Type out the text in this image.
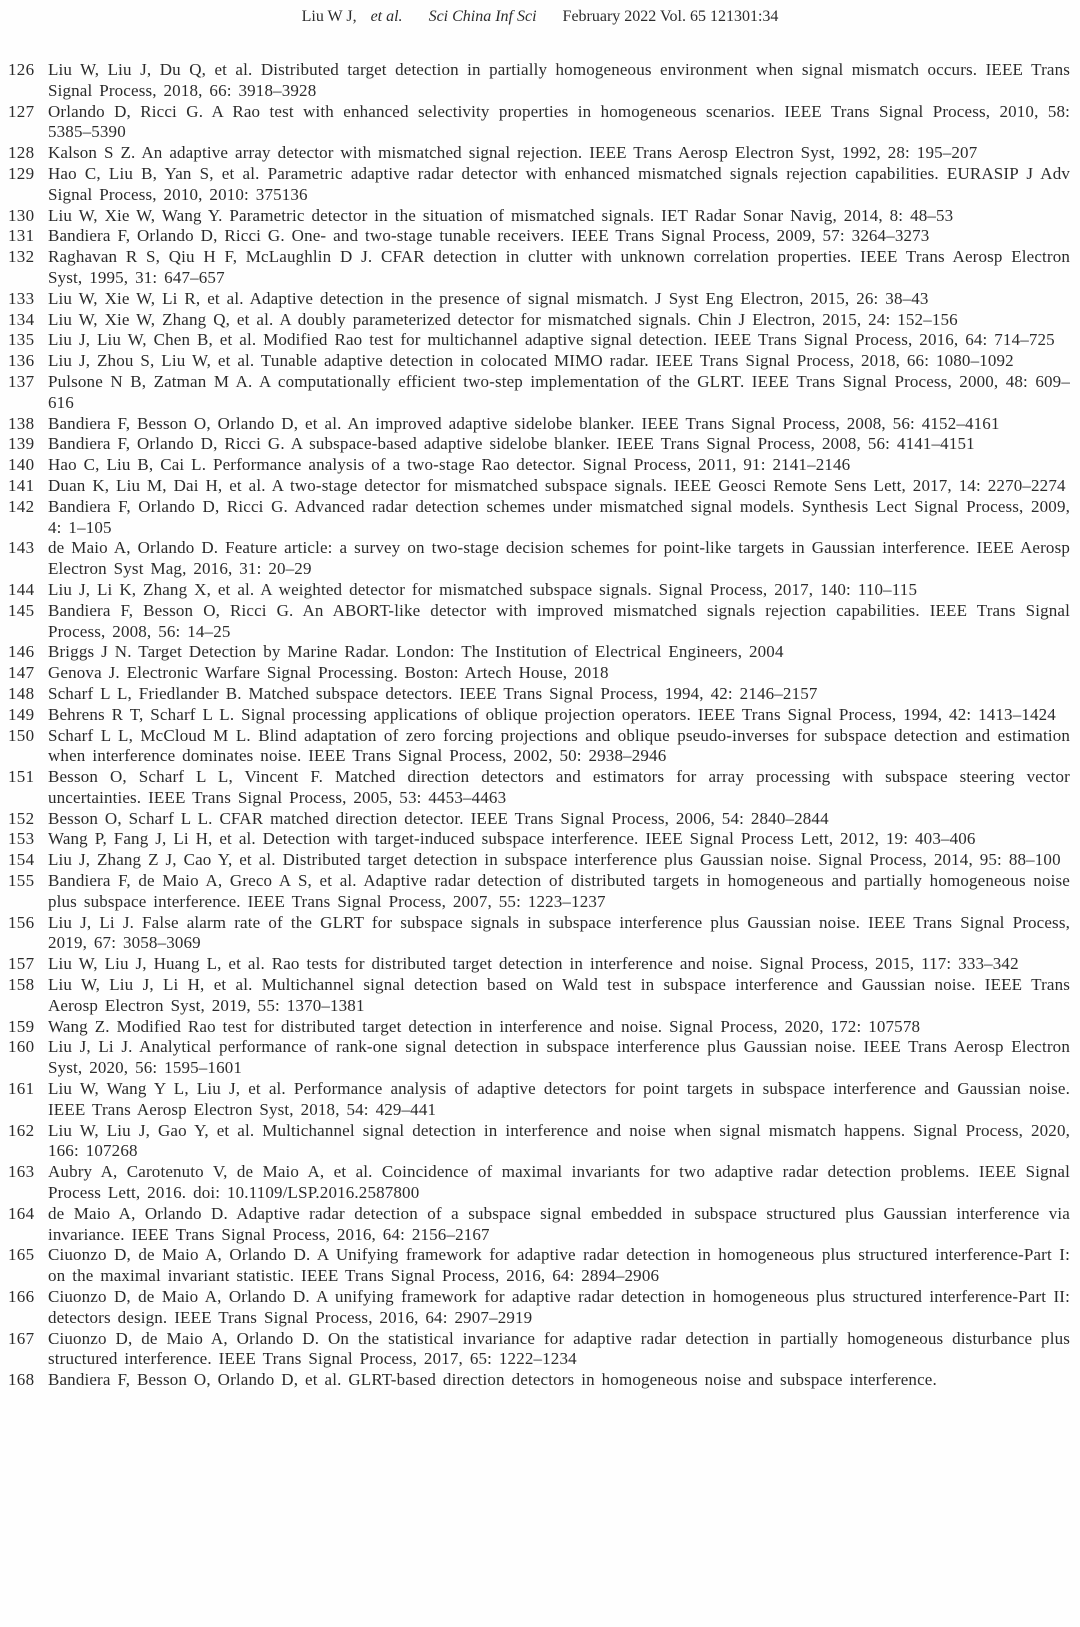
Liu W J, et al. Sci China Inf Sci February 2022 Vol. 65 121301:34
126 Liu W, Liu J, Du Q, et al. Distributed target detection in partially homogeneous environment when signal mismatch occurs. IEEE Trans Signal Process, 2018, 66: 3918–3928
127 Orlando D, Ricci G. A Rao test with enhanced selectivity properties in homogeneous scenarios. IEEE Trans Signal Process, 2010, 58: 5385–5390
128 Kalson S Z. An adaptive array detector with mismatched signal rejection. IEEE Trans Aerosp Electron Syst, 1992, 28: 195–207
129 Hao C, Liu B, Yan S, et al. Parametric adaptive radar detector with enhanced mismatched signals rejection capabilities. EURASIP J Adv Signal Process, 2010, 2010: 375136
130 Liu W, Xie W, Wang Y. Parametric detector in the situation of mismatched signals. IET Radar Sonar Navig, 2014, 8: 48–53
131 Bandiera F, Orlando D, Ricci G. One- and two-stage tunable receivers. IEEE Trans Signal Process, 2009, 57: 3264–3273
132 Raghavan R S, Qiu H F, McLaughlin D J. CFAR detection in clutter with unknown correlation properties. IEEE Trans Aerosp Electron Syst, 1995, 31: 647–657
133 Liu W, Xie W, Li R, et al. Adaptive detection in the presence of signal mismatch. J Syst Eng Electron, 2015, 26: 38–43
134 Liu W, Xie W, Zhang Q, et al. A doubly parameterized detector for mismatched signals. Chin J Electron, 2015, 24: 152–156
135 Liu J, Liu W, Chen B, et al. Modified Rao test for multichannel adaptive signal detection. IEEE Trans Signal Process, 2016, 64: 714–725
136 Liu J, Zhou S, Liu W, et al. Tunable adaptive detection in colocated MIMO radar. IEEE Trans Signal Process, 2018, 66: 1080–1092
137 Pulsone N B, Zatman M A. A computationally efficient two-step implementation of the GLRT. IEEE Trans Signal Process, 2000, 48: 609–616
138 Bandiera F, Besson O, Orlando D, et al. An improved adaptive sidelobe blanker. IEEE Trans Signal Process, 2008, 56: 4152–4161
139 Bandiera F, Orlando D, Ricci G. A subspace-based adaptive sidelobe blanker. IEEE Trans Signal Process, 2008, 56: 4141–4151
140 Hao C, Liu B, Cai L. Performance analysis of a two-stage Rao detector. Signal Process, 2011, 91: 2141–2146
141 Duan K, Liu M, Dai H, et al. A two-stage detector for mismatched subspace signals. IEEE Geosci Remote Sens Lett, 2017, 14: 2270–2274
142 Bandiera F, Orlando D, Ricci G. Advanced radar detection schemes under mismatched signal models. Synthesis Lect Signal Process, 2009, 4: 1–105
143 de Maio A, Orlando D. Feature article: a survey on two-stage decision schemes for point-like targets in Gaussian interference. IEEE Aerosp Electron Syst Mag, 2016, 31: 20–29
144 Liu J, Li K, Zhang X, et al. A weighted detector for mismatched subspace signals. Signal Process, 2017, 140: 110–115
145 Bandiera F, Besson O, Ricci G. An ABORT-like detector with improved mismatched signals rejection capabilities. IEEE Trans Signal Process, 2008, 56: 14–25
146 Briggs J N. Target Detection by Marine Radar. London: The Institution of Electrical Engineers, 2004
147 Genova J. Electronic Warfare Signal Processing. Boston: Artech House, 2018
148 Scharf L L, Friedlander B. Matched subspace detectors. IEEE Trans Signal Process, 1994, 42: 2146–2157
149 Behrens R T, Scharf L L. Signal processing applications of oblique projection operators. IEEE Trans Signal Process, 1994, 42: 1413–1424
150 Scharf L L, McCloud M L. Blind adaptation of zero forcing projections and oblique pseudo-inverses for subspace detection and estimation when interference dominates noise. IEEE Trans Signal Process, 2002, 50: 2938–2946
151 Besson O, Scharf L L, Vincent F. Matched direction detectors and estimators for array processing with subspace steering vector uncertainties. IEEE Trans Signal Process, 2005, 53: 4453–4463
152 Besson O, Scharf L L. CFAR matched direction detector. IEEE Trans Signal Process, 2006, 54: 2840–2844
153 Wang P, Fang J, Li H, et al. Detection with target-induced subspace interference. IEEE Signal Process Lett, 2012, 19: 403–406
154 Liu J, Zhang Z J, Cao Y, et al. Distributed target detection in subspace interference plus Gaussian noise. Signal Process, 2014, 95: 88–100
155 Bandiera F, de Maio A, Greco A S, et al. Adaptive radar detection of distributed targets in homogeneous and partially homogeneous noise plus subspace interference. IEEE Trans Signal Process, 2007, 55: 1223–1237
156 Liu J, Li J. False alarm rate of the GLRT for subspace signals in subspace interference plus Gaussian noise. IEEE Trans Signal Process, 2019, 67: 3058–3069
157 Liu W, Liu J, Huang L, et al. Rao tests for distributed target detection in interference and noise. Signal Process, 2015, 117: 333–342
158 Liu W, Liu J, Li H, et al. Multichannel signal detection based on Wald test in subspace interference and Gaussian noise. IEEE Trans Aerosp Electron Syst, 2019, 55: 1370–1381
159 Wang Z. Modified Rao test for distributed target detection in interference and noise. Signal Process, 2020, 172: 107578
160 Liu J, Li J. Analytical performance of rank-one signal detection in subspace interference plus Gaussian noise. IEEE Trans Aerosp Electron Syst, 2020, 56: 1595–1601
161 Liu W, Wang Y L, Liu J, et al. Performance analysis of adaptive detectors for point targets in subspace interference and Gaussian noise. IEEE Trans Aerosp Electron Syst, 2018, 54: 429–441
162 Liu W, Liu J, Gao Y, et al. Multichannel signal detection in interference and noise when signal mismatch happens. Signal Process, 2020, 166: 107268
163 Aubry A, Carotenuto V, de Maio A, et al. Coincidence of maximal invariants for two adaptive radar detection problems. IEEE Signal Process Lett, 2016. doi: 10.1109/LSP.2016.2587800
164 de Maio A, Orlando D. Adaptive radar detection of a subspace signal embedded in subspace structured plus Gaussian interference via invariance. IEEE Trans Signal Process, 2016, 64: 2156–2167
165 Ciuonzo D, de Maio A, Orlando D. A Unifying framework for adaptive radar detection in homogeneous plus structured interference-Part I: on the maximal invariant statistic. IEEE Trans Signal Process, 2016, 64: 2894–2906
166 Ciuonzo D, de Maio A, Orlando D. A unifying framework for adaptive radar detection in homogeneous plus structured interference-Part II: detectors design. IEEE Trans Signal Process, 2016, 64: 2907–2919
167 Ciuonzo D, de Maio A, Orlando D. On the statistical invariance for adaptive radar detection in partially homogeneous disturbance plus structured interference. IEEE Trans Signal Process, 2017, 65: 1222–1234
168 Bandiera F, Besson O, Orlando D, et al. GLRT-based direction detectors in homogeneous noise and subspace interference.
